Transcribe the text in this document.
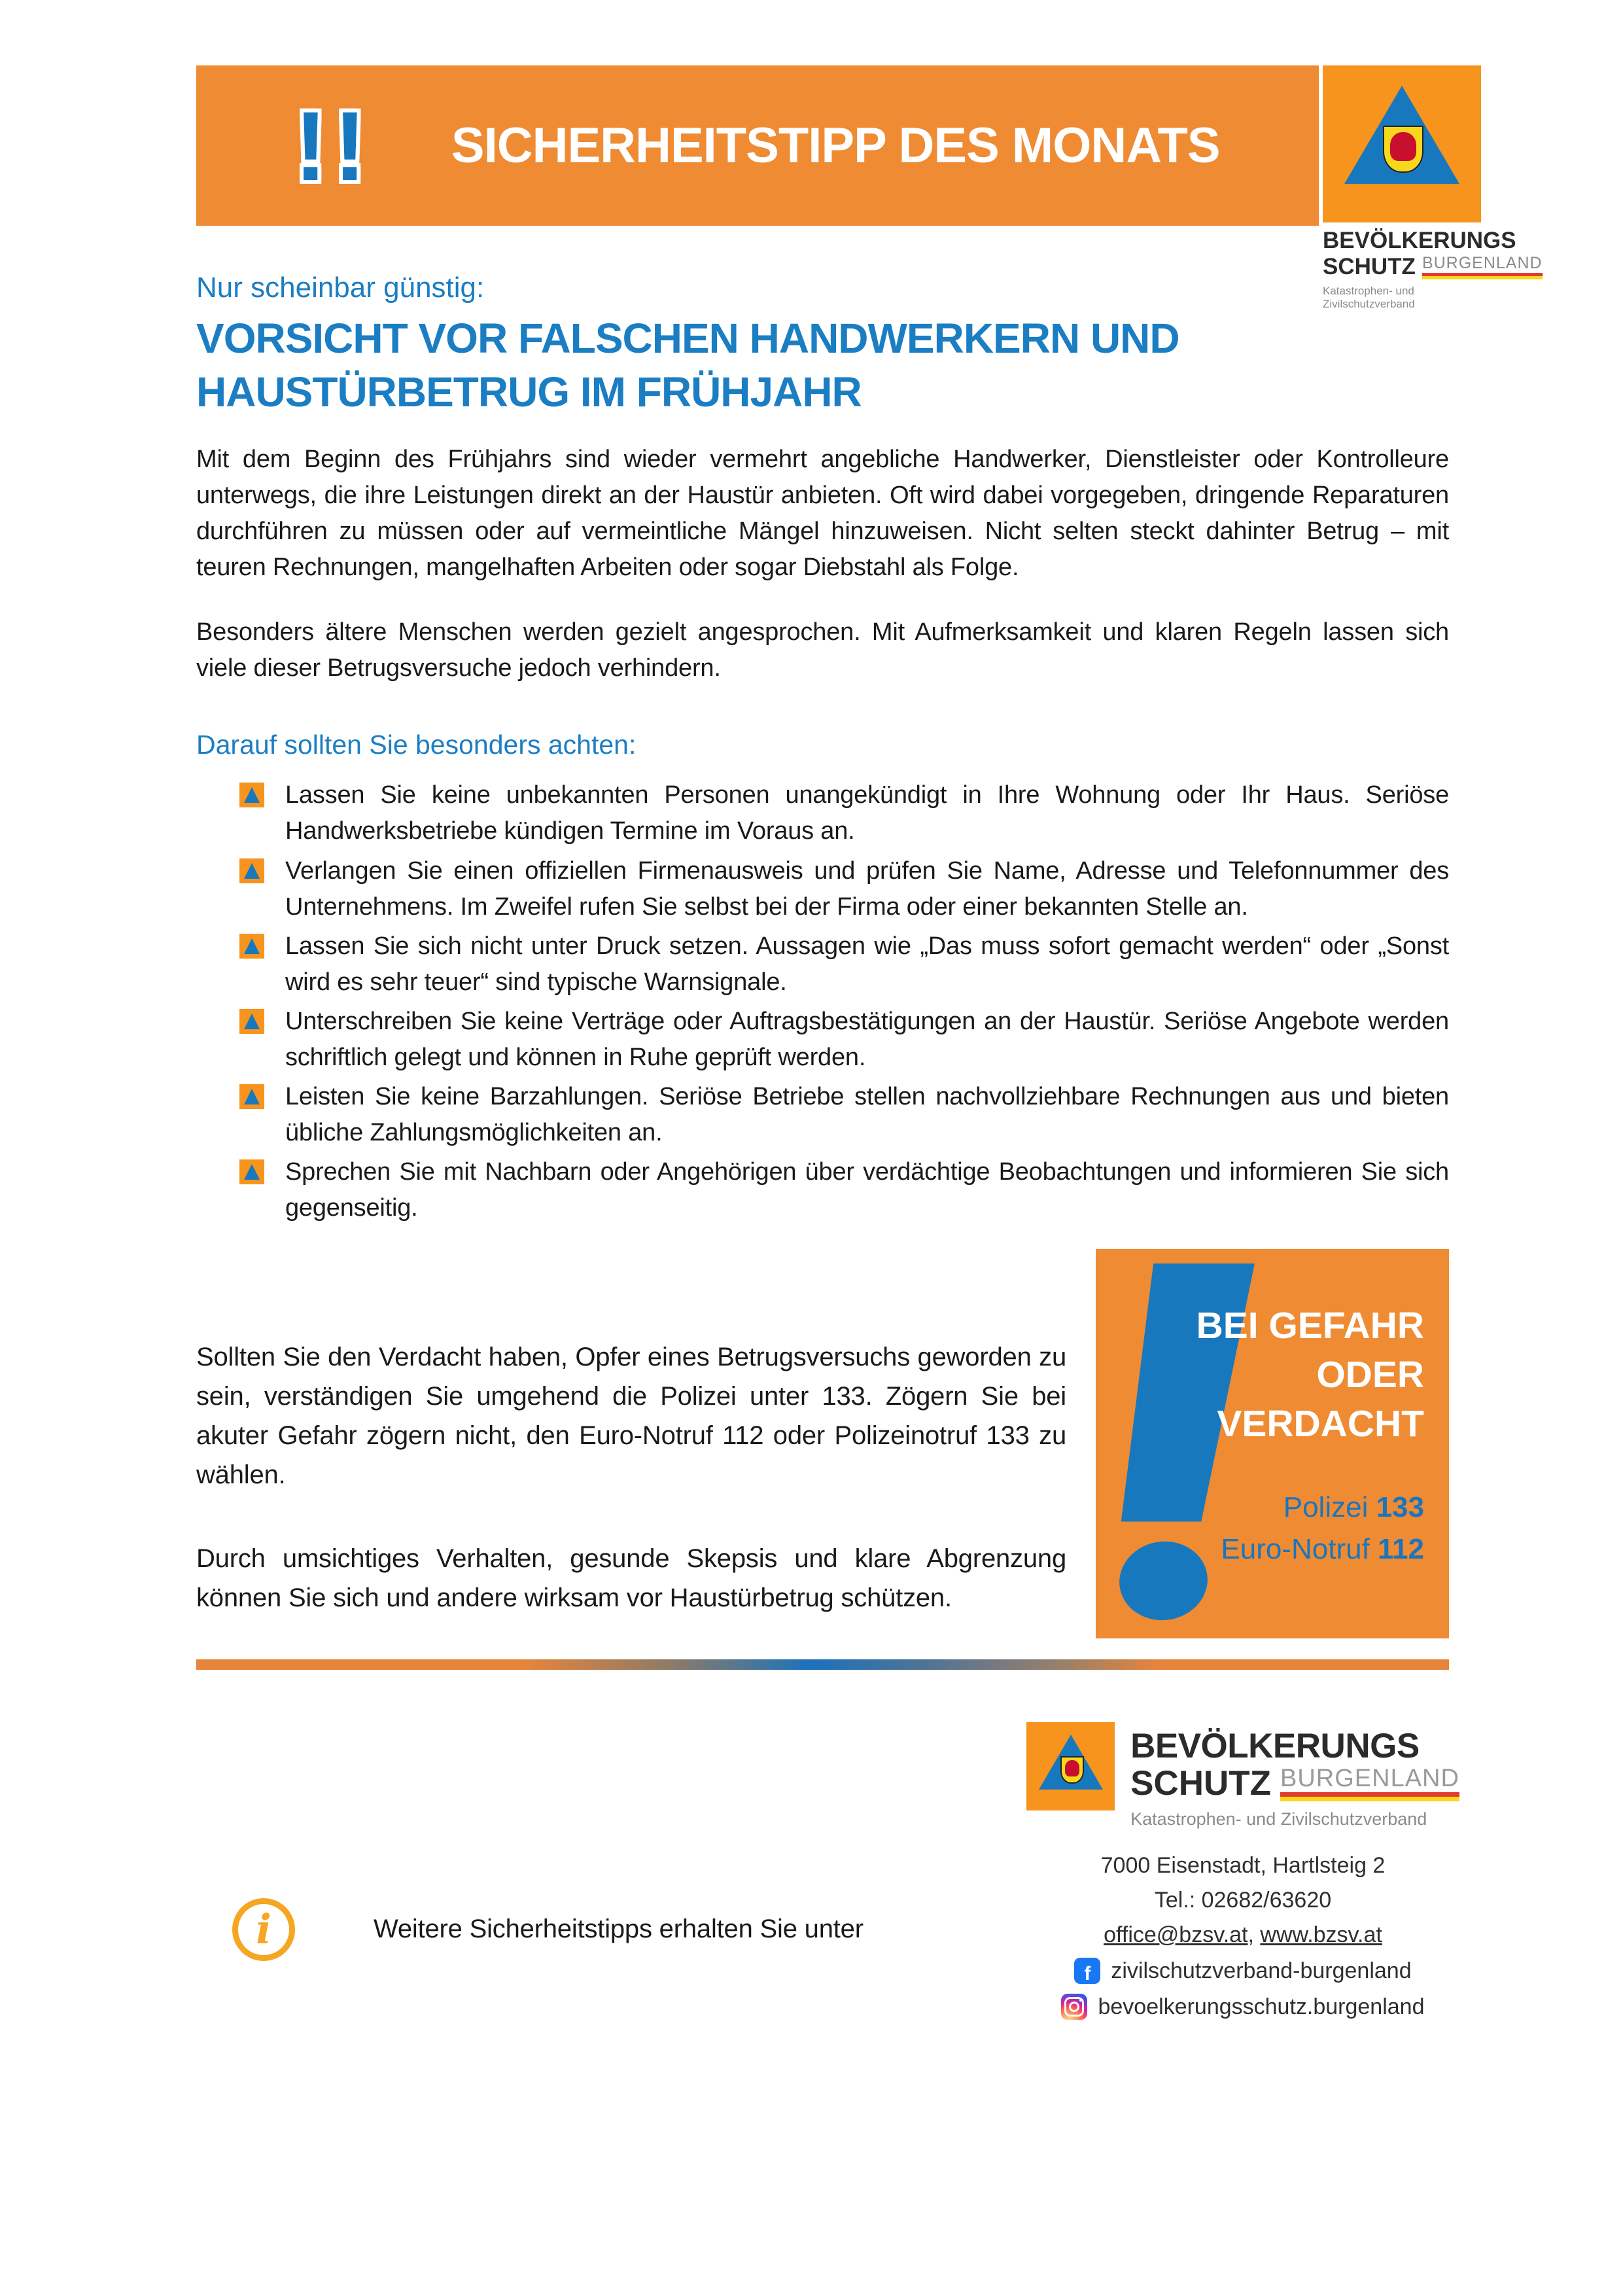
!! SICHERHEITSTIPP DES MONATS
BEVÖLKERUNGS
SCHUTZ BURGENLAND
Katastrophen- und Zivilschutzverband
Nur scheinbar günstig:
VORSICHT VOR FALSCHEN HANDWERKERN UND HAUSTÜRBETRUG IM FRÜHJAHR

Mit dem Beginn des Frühjahrs sind wieder vermehrt angebliche Handwerker, Dienstleister oder Kontrolleure unterwegs, die ihre Leistungen direkt an der Haustür anbieten. Oft wird dabei vorgegeben, dringende Reparaturen durchführen zu müssen oder auf vermeintliche Mängel hinzuweisen. Nicht selten steckt dahinter Betrug – mit teuren Rechnungen, mangelhaften Arbeiten oder sogar Diebstahl als Folge.

Besonders ältere Menschen werden gezielt angesprochen. Mit Aufmerksamkeit und klaren Regeln lassen sich viele dieser Betrugsversuche jedoch verhindern.

Darauf sollten Sie besonders achten:
Lassen Sie keine unbekannten Personen unangekündigt in Ihre Wohnung oder Ihr Haus. Seriöse Handwerksbetriebe kündigen Termine im Voraus an.
Verlangen Sie einen offiziellen Firmenausweis und prüfen Sie Name, Adresse und Telefonnummer des Unternehmens. Im Zweifel rufen Sie selbst bei der Firma oder einer bekannten Stelle an.
Lassen Sie sich nicht unter Druck setzen. Aussagen wie „Das muss sofort gemacht werden“ oder „Sonst wird es sehr teuer“ sind typische Warnsignale.
Unterschreiben Sie keine Verträge oder Auftragsbestätigungen an der Haustür. Seriöse Angebote werden schriftlich gelegt und können in Ruhe geprüft werden.
Leisten Sie keine Barzahlungen. Seriöse Betriebe stellen nachvollziehbare Rechnungen aus und bieten übliche Zahlungsmöglichkeiten an.
Sprechen Sie mit Nachbarn oder Angehörigen über verdächtige Beobachtungen und informieren Sie sich gegenseitig.

Sollten Sie den Verdacht haben, Opfer eines Betrugsversuchs geworden zu sein, verständigen Sie umgehend die Polizei unter 133. Zögern Sie bei akuter Gefahr zögern nicht, den Euro-Notruf 112 oder Polizeinotruf 133 zu wählen.

Durch umsichtiges Verhalten, gesunde Skepsis und klare Abgrenzung können Sie sich und andere wirksam vor Haustürbetrug schützen.

BEI GEFAHR
ODER
VERDACHT
Polizei 133
Euro-Notruf 112
i	Weitere Sicherheitstipps erhalten Sie unter
BEVÖLKERUNGS
SCHUTZ BURGENLAND
Katastrophen- und Zivilschutzverband
7000 Eisenstadt, Hartlsteig 2
Tel.: 02682/63620
office@bzsv.at, www.bzsv.at
f zivilschutzverband-burgenland
bevoelkerungsschutz.burgenland
